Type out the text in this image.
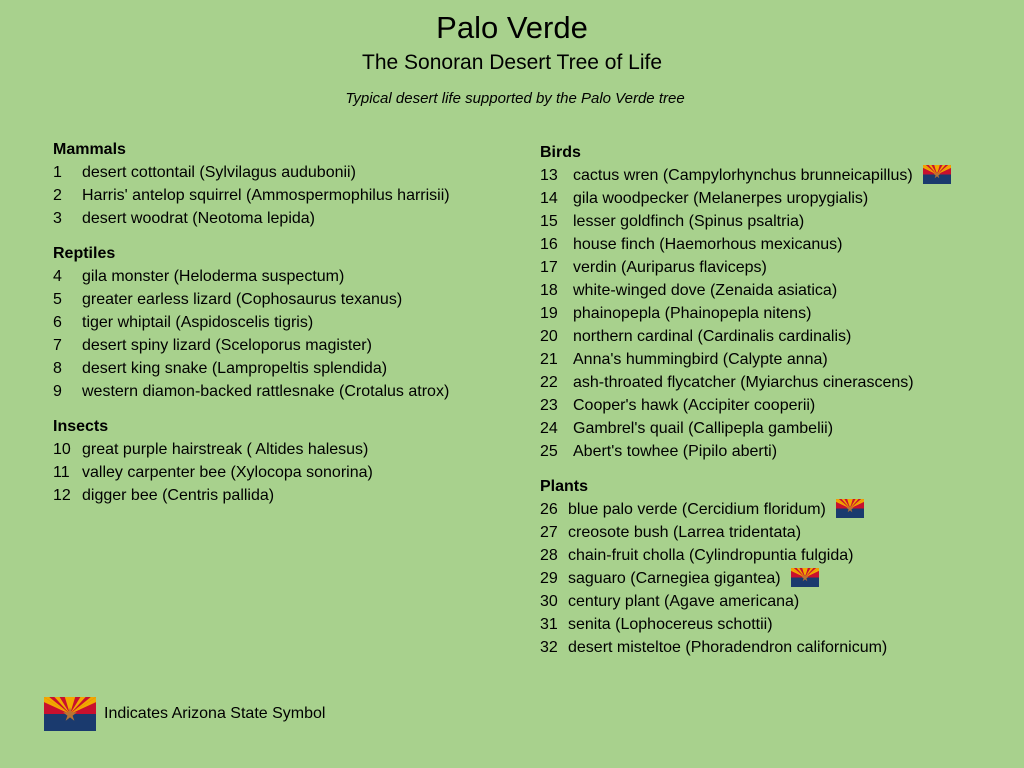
Palo Verde
The Sonoran Desert Tree of Life
Typical desert life supported by the Palo Verde tree
Mammals
1 desert cottontail (Sylvilagus audubonii)
2 Harris' antelop squirrel (Ammospermophilus harrisii)
3 desert woodrat (Neotoma lepida)
Reptiles
4 gila monster (Heloderma suspectum)
5 greater earless lizard (Cophosaurus texanus)
6 tiger whiptail (Aspidoscelis tigris)
7 desert spiny lizard (Sceloporus magister)
8 desert king snake (Lampropeltis splendida)
9 western diamon-backed rattlesnake (Crotalus atrox)
Insects
10 great purple hairstreak ( Altides halesus)
11 valley carpenter bee (Xylocopa sonorina)
12 digger bee (Centris pallida)
Birds
13 cactus wren (Campylorhynchus brunneicapillus)
14 gila woodpecker (Melanerpes uropygialis)
15 lesser goldfinch (Spinus psaltria)
16 house finch (Haemorhous mexicanus)
17 verdin (Auriparus flaviceps)
18 white-winged dove (Zenaida asiatica)
19 phainopepla (Phainopepla nitens)
20 northern cardinal (Cardinalis cardinalis)
21 Anna's hummingbird (Calypte anna)
22 ash-throated flycatcher (Myiarchus cinerascens)
23 Cooper's hawk (Accipiter cooperii)
24 Gambrel's quail (Callipepla gambelii)
25 Abert's towhee (Pipilo aberti)
Plants
26 blue palo verde (Cercidium floridum)
27 creosote bush (Larrea tridentata)
28 chain-fruit cholla (Cylindropuntia fulgida)
29 saguaro (Carnegiea gigantea)
30 century plant (Agave americana)
31 senita (Lophocereus schottii)
32 desert misteltoe (Phoradendron californicum)
Indicates Arizona State Symbol
